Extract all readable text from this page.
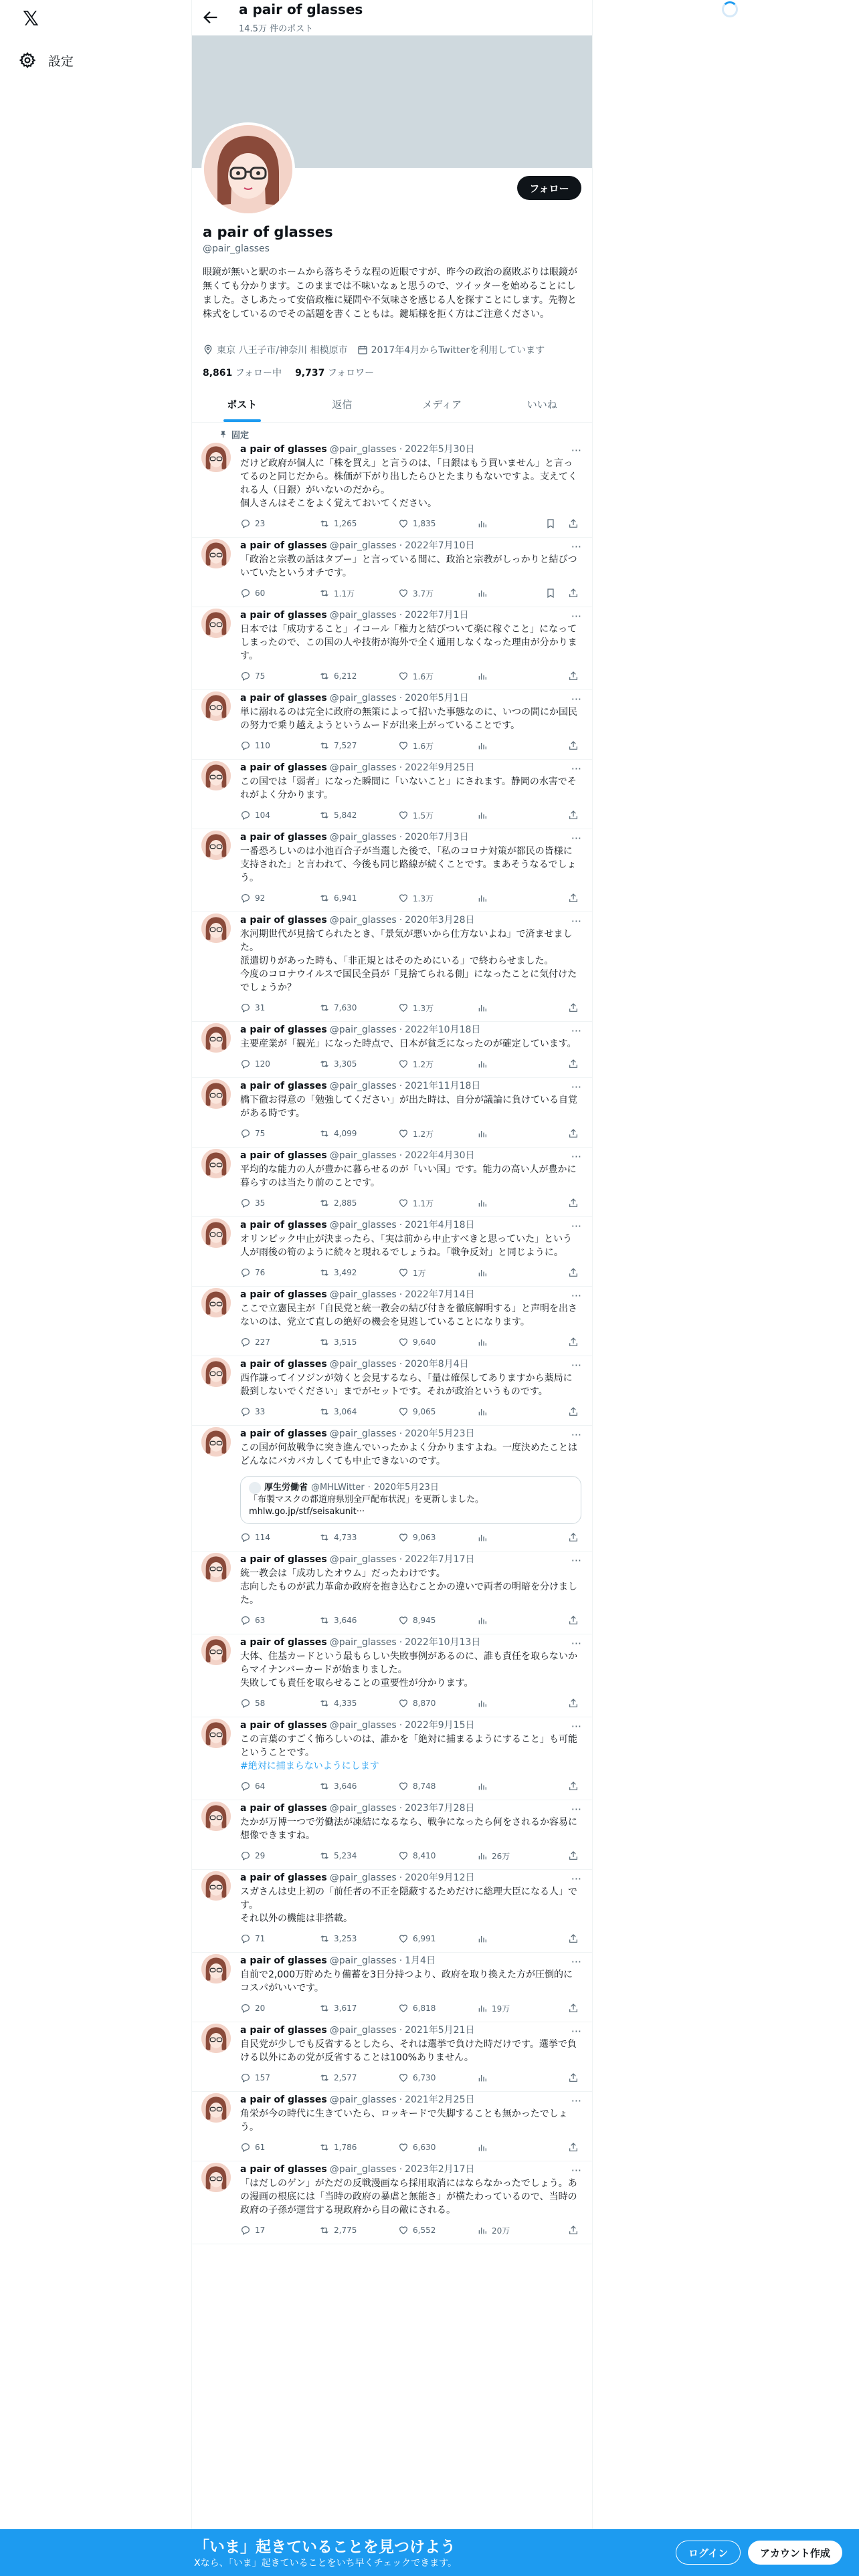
𝕏
設定
a pair of glasses
14.5万 件のポスト
フォロー
a pair of glasses
@pair_glasses
眼鏡が無いと駅のホームから落ちそうな程の近眼ですが、昨今の政治の腐敗ぶりは眼鏡が無くても分かります。このままでは不味いなぁと思うので、ツイッターを始めることにしました。さしあたって安倍政権に疑問や不気味さを感じる人を探すことにします。先物と株式をしているのでその話題を書くこともは。鍵垢様を拒く方はご注意ください。
東京 八王子市/神奈川 相模原市	2017年4月からTwitterを利用しています
8,861 フォロー中 9,737 フォロワー
ポスト	返信	メディア	いいね
固定
a pair of glasses @pair_glasses · 2022年5月30日	···
だけど政府が個人に「株を買え」と言うのは、「日銀はもう買いません」と言ってるのと同じだから。株価が下がり出したらひとたまりもないですよ。支えてくれる人（日銀）がいないのだから。
個人さんはそこをよく覚えておいてください。
23	1,265	1,835
a pair of glasses @pair_glasses · 2022年7月10日	···
「政治と宗教の話はタブー」と言っている間に、政治と宗教がしっかりと結びついていたというオチです。
60	1.1万	3.7万
a pair of glasses @pair_glasses · 2022年7月1日	···
日本では「成功すること」イコール「権力と結びついて楽に稼ぐこと」になってしまったので、この国の人や技術が海外で全く通用しなくなった理由が分かります。
75	6,212	1.6万
a pair of glasses @pair_glasses · 2020年5月1日	···
単に溺れるのは完全に政府の無策によって招いた事態なのに、いつの間にか国民の努力で乗り越えようというムードが出来上がっていることです。
110	7,527	1.6万
a pair of glasses @pair_glasses · 2022年9月25日	···
この国では「弱者」になった瞬間に「いないこと」にされます。静岡の水害でそれがよく分かります。
104	5,842	1.5万
a pair of glasses @pair_glasses · 2020年7月3日	···
一番恐ろしいのは小池百合子が当選した後で、「私のコロナ対策が都民の皆様に支持された」と言われて、今後も同じ路線が続くことです。まあそうなるでしょう。
92	6,941	1.3万
a pair of glasses @pair_glasses · 2020年3月28日	···
氷河期世代が見捨てられたとき、「景気が悪いから仕方ないよね」で済ませました。
派遣切りがあった時も、「非正規とはそのためにいる」で終わらせました。
今度のコロナウイルスで国民全員が「見捨てられる側」になったことに気付けたでしょうか？
31	7,630	1.3万
a pair of glasses @pair_glasses · 2022年10月18日	···
主要産業が「観光」になった時点で、日本が貧乏になったのが確定しています。
120	3,305	1.2万
a pair of glasses @pair_glasses · 2021年11月18日	···
橋下徹お得意の「勉強してください」が出た時は、自分が議論に負けている自覚がある時です。
75	4,099	1.2万
a pair of glasses @pair_glasses · 2022年4月30日	···
平均的な能力の人が豊かに暮らせるのが「いい国」です。能力の高い人が豊かに暮らすのは当たり前のことです。
35	2,885	1.1万
a pair of glasses @pair_glasses · 2021年4月18日	···
オリンピック中止が決まったら、「実は前から中止すべきと思っていた」という人が雨後の筍のように続々と現れるでしょうね。「戦争反対」と同じように。
76	3,492	1万
a pair of glasses @pair_glasses · 2022年7月14日	···
ここで立憲民主が「自民党と統一教会の結び付きを徹底解明する」と声明を出さないのは、党立て直しの絶好の機会を見逃していることになります。
227	3,515	9,640
a pair of glasses @pair_glasses · 2020年8月4日	···
西作謙ってイソジンが効くと会見するなら、「量は確保してありますから薬局に殺到しないでください」までがセットです。それが政治というものです。
33	3,064	9,065
a pair of glasses @pair_glasses · 2020年5月23日	···
この国が何故戦争に突き進んでいったかよく分かりますよね。一度決めたことはどんなにバカバカしくても中止できないのです。
厚生労働省 @MHLWitter · 2020年5月23日
「布製マスクの都道府県別全戸配布状況」を更新しました。
mhlw.go.jp/stf/seisakunit···
114	4,733	9,063
a pair of glasses @pair_glasses · 2022年7月17日	···
統一教会は「成功したオウム」だったわけです。
志向したものが武力革命か政府を抱き込むことかの違いで両者の明暗を分けました。
63	3,646	8,945
a pair of glasses @pair_glasses · 2022年10月13日	···
大体、住基カードという最もらしい失敗事例があるのに、誰も責任を取らないからマイナンバーカードが始まりました。
失敗しても責任を取らせることの重要性が分かります。
58	4,335	8,870
a pair of glasses @pair_glasses · 2022年9月15日	···
この言葉のすごく怖ろしいのは、誰かを「絶対に捕まるようにすること」も可能ということです。
#絶対に捕まらないようにします
64	3,646	8,748
a pair of glasses @pair_glasses · 2023年7月28日	···
たかが万博一つで労働法が凍結になるなら、戦争になったら何をされるか容易に想像できますね。
29	5,234	8,410	26万
a pair of glasses @pair_glasses · 2020年9月12日	···
スガさんは史上初の「前任者の不正を隠蔽するためだけに総理大臣になる人」です。
それ以外の機能は非搭載。
71	3,253	6,991
a pair of glasses @pair_glasses · 1月4日	···
自前で2,000万貯めたり備蓄を3日分持つより、政府を取り換えた方が圧倒的にコスパがいいです。
20	3,617	6,818	19万
a pair of glasses @pair_glasses · 2021年5月21日	···
自民党が少しでも反省するとしたら、それは選挙で負けた時だけです。選挙で負ける以外にあの党が反省することは100%ありません。
157	2,577	6,730
a pair of glasses @pair_glasses · 2021年2月25日	···
角栄が今の時代に生きていたら、ロッキードで失脚することも無かったでしょう。
61	1,786	6,630
a pair of glasses @pair_glasses · 2023年2月17日	···
「はだしのゲン」がただの反戦漫画なら採用取消にはならなかったでしょう。あの漫画の根底には「当時の政府の暴虐と無能さ」が横たわっているので、当時の政府の子孫が運営する現政府から目の敵にされる。
17	2,775	6,552	20万
「いま」起きていることを見つけよう
Xなら、「いま」起きていることをいち早くチェックできます。
ログイン	アカウント作成
